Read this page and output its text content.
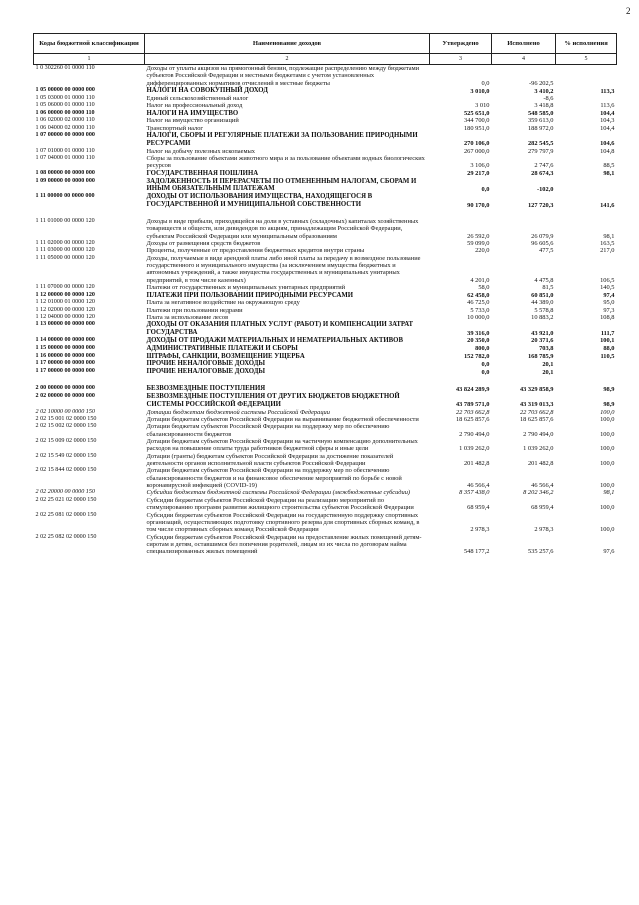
2
Коды бюджетной классификации	Наименование доходов	Утверждено	Исполнено	% исполнения
1	2	3	4	5
1 0 302260 01 0000 110	Доходы от уплаты акцизов на прямогонный бензин, подлежащие распределению между бюджетами субъектов Российской Федерации и местными бюджетами с учетом установленных дифференцированных нормативов отчислений в местные бюджеты	0,0	-96 202,5	
1 05 00000 00 0000 000	НАЛОГИ НА СОВОКУПНЫЙ ДОХОД	3 010,0	3 410,2	113,3
1 05 03000 01 0000 110	Единый сельскохозяйственный налог		-8,6	
1 05 06000 01 0000 110	Налог на профессиональный доход	3 010	3 418,8	113,6
1 06 00000 00 0000 110	НАЛОГИ НА ИМУЩЕСТВО	525 651,0	548 585,0	104,4
1 06 02000 02 0000 110	Налог на имущество организаций	344 700,0	359 613,0	104,3
1 06 04000 02 0000 110	Транспортный налог	180 951,0	188 972,0	104,4
1 07 00000 00 0000 000	НАЛОГИ, СБОРЫ И РЕГУЛЯРНЫЕ ПЛАТЕЖИ ЗА ПОЛЬЗОВАНИЕ ПРИРОДНЫМИ РЕСУРСАМИ	270 106,0	282 545,5	104,6
1 07 01000 01 0000 110	Налог на добычу полезных ископаемых	267 000,0	279 797,9	104,8
1 07 04000 01 0000 110	Сборы за пользование объектами животного мира и за пользование объектами водных биологических ресурсов	3 106,0	2 747,6	88,5
1 08 00000 00 0000 000	ГОСУДАРСТВЕННАЯ ПОШЛИНА	29 217,0	28 674,3	98,1
1 09 00000 00 0000 000	ЗАДОЛЖЕННОСТЬ И ПЕРЕРАСЧЕТЫ ПО ОТМЕНЕННЫМ НАЛОГАМ, СБОРАМ И ИНЫМ ОБЯЗАТЕЛЬНЫМ ПЛАТЕЖАМ	0,0	-102,0	
1 11 00000 00 0000 000	ДОХОДЫ ОТ ИСПОЛЬЗОВАНИЯ ИМУЩЕСТВА, НАХОДЯЩЕГОСЯ В ГОСУДАРСТВЕННОЙ И МУНИЦИПАЛЬНОЙ СОБСТВЕННОСТИ	90 170,0	127 720,3	141,6

1 11 01000 00 0000 120	Доходы в виде прибыли, приходящейся на доли в уставных (складочных) капиталах хозяйственных товариществ и обществ, или дивидендов по акциям, принадлежащим Российской Федерации, субъектам Российской Федерации или муниципальным образованиям	26 592,0	26 079,9	98,1
1 11 02000 00 0000 120	Доходы от размещения средств бюджетов	59 099,0	96 605,6	163,5
1 11 03000 00 0000 120	Проценты, полученные от предоставления бюджетных кредитов внутри страны	220,0	477,5	217,0
1 11 05000 00 0000 120	Доходы, получаемые в виде арендной платы либо иной платы за передачу в возмездное пользование государственного и муниципального имущества (за исключением имущества бюджетных и автономных учреждений, а также имущества государственных и муниципальных унитарных предприятий, в том числе казенных)	4 201,0	4 475,8	106,5
1 11 07000 00 0000 120	Платежи от государственных и муниципальных унитарных предприятий	58,0	81,5	140,5
1 12 00000 00 0000 120	ПЛАТЕЖИ ПРИ ПОЛЬЗОВАНИИ ПРИРОДНЫМИ РЕСУРСАМИ	62 458,0	60 851,0	97,4
1 12 01000 01 0000 120	Плата за негативное воздействие на окружающую среду	46 725,0	44 389,0	95,0
1 12 02000 00 0000 120	Платежи при пользовании недрами	5 733,0	5 578,8	97,3
1 12 04000 00 0000 120	Плата за использование лесов	10 000,0	10 883,2	108,8
1 13 00000 00 0000 000	ДОХОДЫ ОТ ОКАЗАНИЯ ПЛАТНЫХ УСЛУГ (РАБОТ) И КОМПЕНСАЦИИ ЗАТРАТ ГОСУДАРСТВА	39 316,0	43 921,0	111,7
1 14 00000 00 0000 000	ДОХОДЫ ОТ ПРОДАЖИ МАТЕРИАЛЬНЫХ И НЕМАТЕРИАЛЬНЫХ АКТИВОВ	20 350,0	20 371,6	100,1
1 15 00000 00 0000 000	АДМИНИСТРАТИВНЫЕ ПЛАТЕЖИ И СБОРЫ	800,0	703,8	88,0
1 16 00000 00 0000 000	ШТРАФЫ, САНКЦИИ, ВОЗМЕЩЕНИЕ УЩЕРБА	152 782,0	168 785,9	110,5
1 17 00000 00 0000 000	ПРОЧИЕ НЕНАЛОГОВЫЕ ДОХОДЫ	0,0	20,1	
1 17 00000 00 0000 000	ПРОЧИЕ НЕНАЛОГОВЫЕ ДОХОДЫ	0,0	20,1	

2 00 00000 00 0000 000	БЕЗВОЗМЕЗДНЫЕ ПОСТУПЛЕНИЯ	43 824 289,9	43 329 858,9	98,9
2 02 00000 00 0000 000	БЕЗВОЗМЕЗДНЫЕ ПОСТУПЛЕНИЯ ОТ ДРУГИХ БЮДЖЕТОВ БЮДЖЕТНОЙ СИСТЕМЫ РОССИЙСКОЙ ФЕДЕРАЦИИ	43 789 571,0	43 319 013,3	98,9
2 02 10000 00 0000 150	Дотации бюджетам бюджетной системы Российской Федерации	22 703 662,8	22 703 662,8	100,0
2 02 15 001 02 0000 150	Дотации бюджетам субъектов Российской Федерации на выравнивание бюджетной обеспеченности	18 625 857,6	18 625 857,6	100,0
2 02 15 002 02 0000 150	Дотации бюджетам субъектов Российской Федерации на поддержку мер по обеспечению сбалансированности бюджетов	2 790 494,0	2 790 494,0	100,0
2 02 15 009 02 0000 150	Дотации бюджетам субъектов Российской Федерации на частичную компенсацию дополнительных расходов на повышение оплаты труда работников бюджетной сферы и иные цели	1 039 262,0	1 039 262,0	100,0
2 02 15 549 02 0000 150	Дотации (гранты) бюджетам субъектов Российской Федерации за достижение показателей деятельности органов исполнительной власти субъектов Российской Федерации	201 482,8	201 482,8	100,0
2 02 15 844 02 0000 150	Дотации бюджетам субъектов Российской Федерации на поддержку мер по обеспечению сбалансированности бюджетов и на финансовое обеспечение мероприятий по борьбе с новой коронавирусной инфекцией (COVID-19)	46 566,4	46 566,4	100,0
2 02 20000 00 0000 150	Субсидии бюджетам бюджетной системы Российской Федерации (межбюджетные субсидии)	8 357 438,0	8 202 346,2	98,1
2 02 25 021 02 0000 150	Субсидии бюджетам субъектов Российской Федерации на реализацию мероприятий по стимулированию программ развития жилищного строительства субъектов Российской Федерации	68 959,4	68 959,4	100,0
2 02 25 081 02 0000 150	Субсидии бюджетам субъектов Российской Федерации на государственную поддержку спортивных организаций, осуществляющих подготовку спортивного резерва для спортивных сборных команд, в том числе спортивных сборных команд Российской Федерации	2 978,3	2 978,3	100,0
2 02 25 082 02 0000 150	Субсидии бюджетам субъектов Российской Федерации на предоставление жилых помещений детям-сиротам и детям, оставшимся без попечения родителей, лицам из их числа по договорам найма специализированных жилых помещений	548 177,2	535 257,6	97,6
